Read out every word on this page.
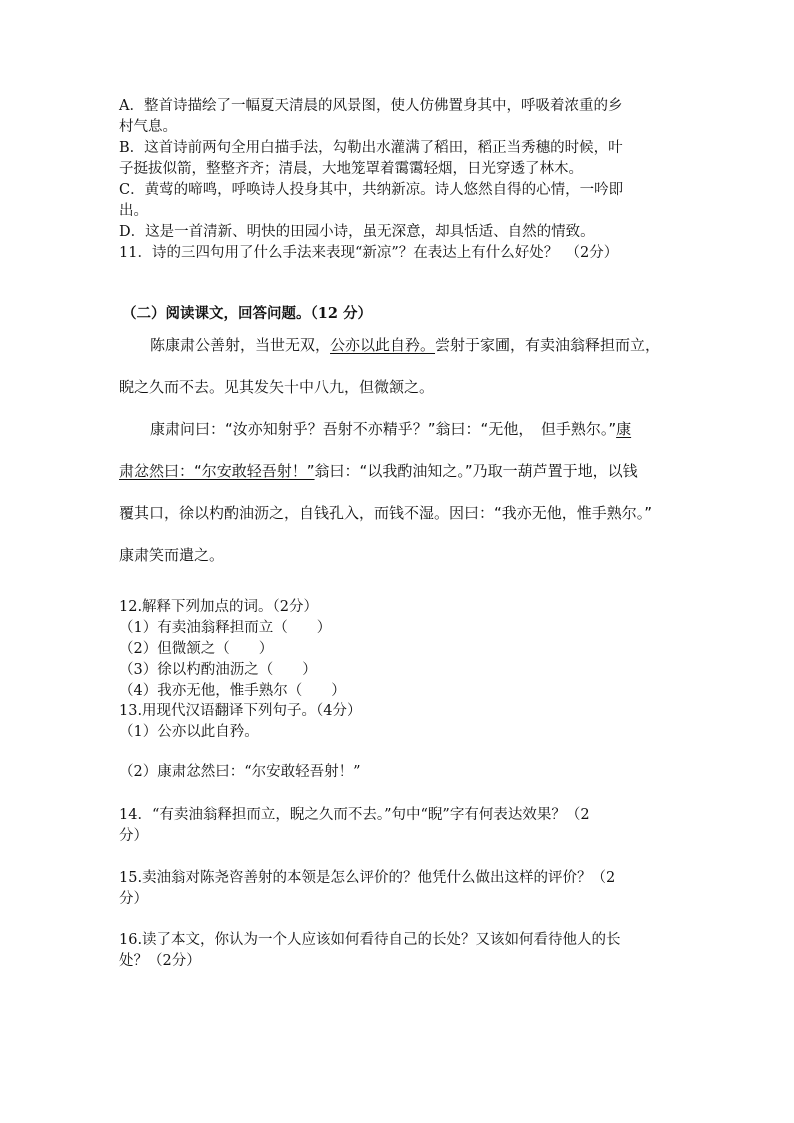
A．整首诗描绘了一幅夏天清晨的风景图，使人仿佛置身其中，呼吸着浓重的乡
村气息。
B．这首诗前两句全用白描手法，勾勒出水灌满了稻田，稻正当秀穗的时候，叶
子挺拔似箭，整整齐齐；清晨，大地笼罩着霭霭轻烟，日光穿透了林木。
C．黄莺的啼鸣，呼唤诗人投身其中，共纳新凉。诗人悠然自得的心情，一吟即
出。
D．这是一首清新、明快的田园小诗，虽无深意，却具恬适、自然的情致。
11．诗的三四句用了什么手法来表现“新凉”？在表达上有什么好处？　（2分）
（二）阅读课文，回答问题。（12 分）
陈康肃公善射，当世无双，公亦以此自矜。尝射于家圃，有卖油翁释担而立，
睨之久而不去。见其发矢十中八九，但微颔之。
康肃问曰：“汝亦知射乎？吾射不亦精乎？”翁曰：“无他，　但手熟尔。”康
肃忿然曰：“尔安敢轻吾射！”翁曰：“以我酌油知之。”乃取一葫芦置于地，以钱
覆其口，徐以杓酌油沥之，自钱孔入，而钱不湿。因曰：“我亦无他，惟手熟尔。”
康肃笑而遣之。
12.解释下列加点的词。（2分）
（1）有卖油翁释担而立（　　）
（2）但微颔之（　　）
（3）徐以杓酌油沥之（　　）
（4）我亦无他，惟手熟尔（　　）
13.用现代汉语翻译下列句子。（4分）
（1）公亦以此自矜。
（2）康肃忿然曰：“尔安敢轻吾射！”
14．“有卖油翁释担而立，睨之久而不去。”句中“睨”字有何表达效果？（2
分）
15.卖油翁对陈尧咨善射的本领是怎么评价的？他凭什么做出这样的评价？（2
分）
16.读了本文，你认为一个人应该如何看待自己的长处？又该如何看待他人的长
处？（2分）
